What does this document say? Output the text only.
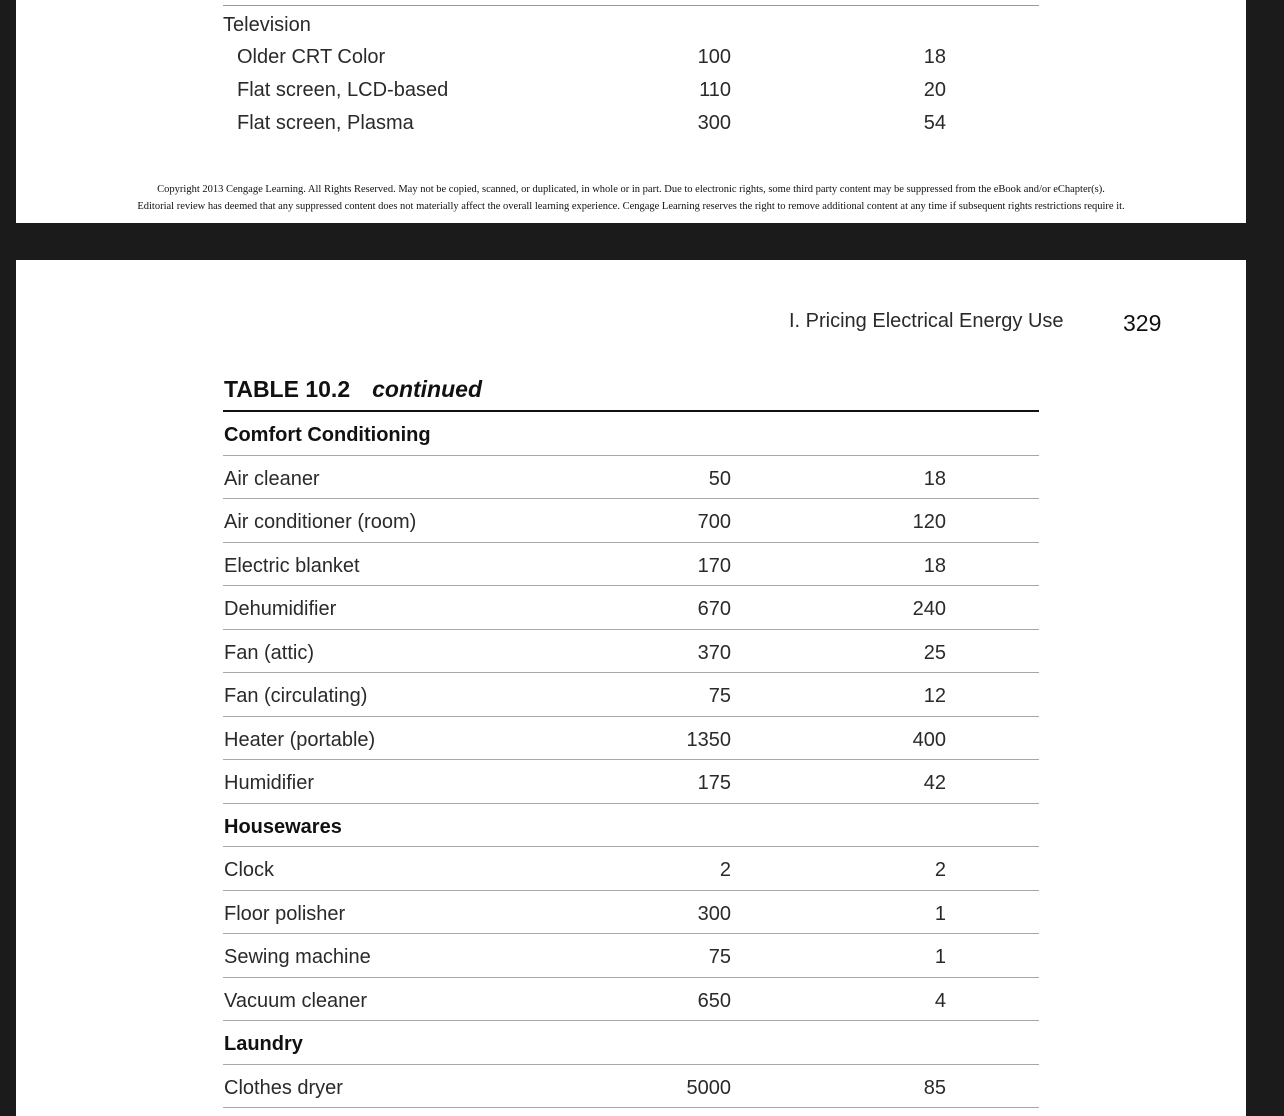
Television
Older CRT Color	100	18
Flat screen, LCD-based	110	20
Flat screen, Plasma	300	54
Copyright 2013 Cengage Learning. All Rights Reserved. May not be copied, scanned, or duplicated, in whole or in part. Due to electronic rights, some third party content may be suppressed from the eBook and/or eChapter(s).
Editorial review has deemed that any suppressed content does not materially affect the overall learning experience. Cengage Learning reserves the right to remove additional content at any time if subsequent rights restrictions require it.
I. Pricing Electrical Energy Use	329
TABLE 10.2 continued
Comfort Conditioning
Air cleaner	50	18
Air conditioner (room)	700	120
Electric blanket	170	18
Dehumidifier	670	240
Fan (attic)	370	25
Fan (circulating)	75	12
Heater (portable)	1350	400
Humidifier	175	42
Housewares
Clock	2	2
Floor polisher	300	1
Sewing machine	75	1
Vacuum cleaner	650	4
Laundry
Clothes dryer	5000	85
